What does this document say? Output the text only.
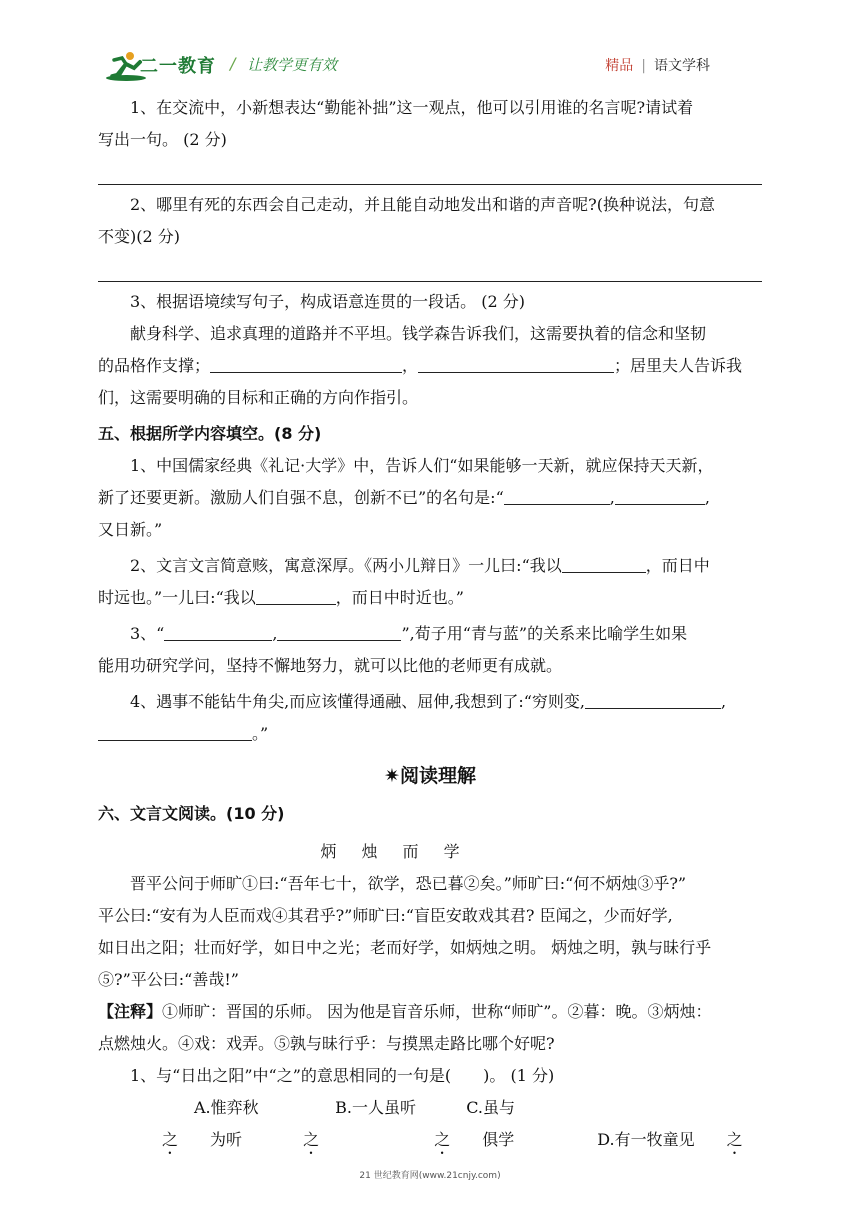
二一教育 / 让教学更有效	精品 | 语文学科

1、在交流中，小新想表达“勤能补拙”这一观点，他可以引用谁的名言呢?请试着

写出一句。 (2 分)

2、哪里有死的东西会自己走动，并且能自动地发出和谐的声音呢?(换种说法，句意

不变)(2 分)

3、根据语境续写句子，构成语意连贯的一段话。 (2 分)

献身科学、追求真理的道路并不平坦。钱学森告诉我们，这需要执着的信念和坚韧

的品格作支撑；	，	；居里夫人告诉我

们，这需要明确的目标和正确的方向作指引。

五、根据所学内容填空。(8 分)

1、中国儒家经典《礼记·大学》中，告诉人们“如果能够一天新，就应保持天天新，

新了还要更新。激励人们自强不息，创新不已”的名句是:“	,	,

又日新。”

2、文言文言简意赅，寓意深厚。《两小儿辩日》一儿曰:“我以	，而日中

时远也。”一儿曰:“我以	，而日中时近也。”

3、“	,	”,荀子用“青与蓝”的关系来比喻学生如果

能用功研究学问，坚持不懈地努力，就可以比他的老师更有成就。

4、遇事不能钻牛角尖,而应该懂得通融、屈伸,我想到了:“穷则变,	,

。”

✷阅读理解

六、文言文阅读。(10 分)

炳 烛 而 学

晋平公问于师旷①曰:“吾年七十，欲学，恐已暮②矣。”师旷曰:“何不炳烛③乎?”

平公曰:“安有为人臣而戏④其君乎?”师旷曰:“盲臣安敢戏其君? 臣闻之，少而好学,

如日出之阳；壮而好学，如日中之光；老而好学，如炳烛之明。 炳烛之明，孰与昧行乎

⑤?”平公曰:“善哉!”

【注释】①师旷：晋国的乐师。 因为他是盲音乐师，世称“师旷”。②暮：晚。③炳烛：

点燃烛火。④戏：戏弄。⑤孰与昧行乎：与摸黑走路比哪个好呢?

1、与“日出之阳”中“之”的意思相同的一句是(　　)。 (1 分)

A.惟弈秋之 为听 B.一人虽听之 C.虽与之 俱学	D.有一牧童见 之

21 世纪教育网(www.21cnjy.com)
